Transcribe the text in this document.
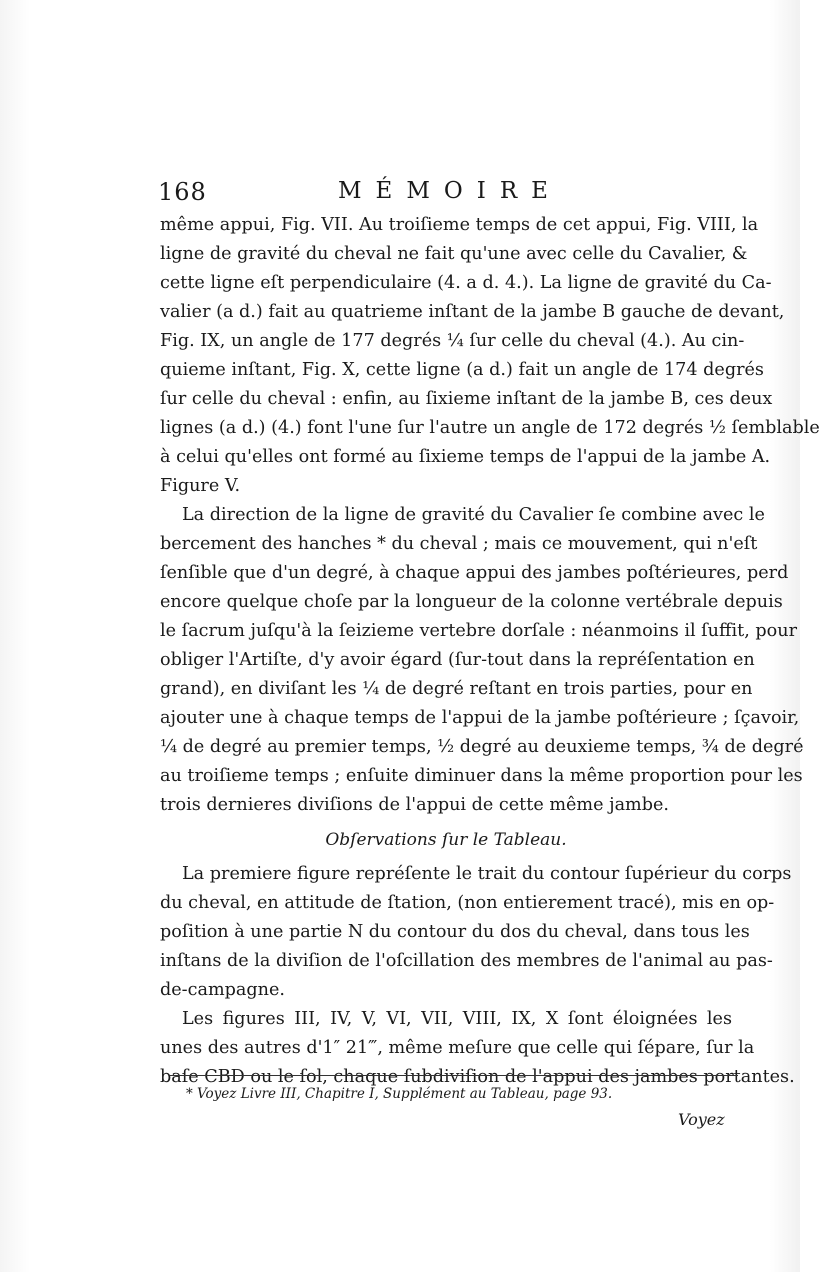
168	MÉMOIRE
même appui, Fig. VII. Au troiſieme temps de cet appui, Fig. VIII, la
ligne de gravité du cheval ne fait qu'une avec celle du Cavalier, &
cette ligne eſt perpendiculaire (4. a d. 4.). La ligne de gravité du Ca-
valier (a d.) fait au quatrieme inſtant de la jambe B gauche de devant,
Fig. IX, un angle de 177 degrés ¼ ſur celle du cheval (4.). Au cin-
quieme inſtant, Fig. X, cette ligne (a d.) fait un angle de 174 degrés
ſur celle du cheval : enfin, au ſixieme inſtant de la jambe B, ces deux
lignes (a d.) (4.) font l'une ſur l'autre un angle de 172 degrés ½ ſemblable
à celui qu'elles ont formé au ſixieme temps de l'appui de la jambe A.
Figure V.
La direction de la ligne de gravité du Cavalier ſe combine avec le
bercement des hanches * du cheval ; mais ce mouvement, qui n'eſt
ſenſible que d'un degré, à chaque appui des jambes poſtérieures, perd
encore quelque choſe par la longueur de la colonne vertébrale depuis
le ſacrum juſqu'à la ſeizieme vertebre dorſale : néanmoins il ſuffit, pour
obliger l'Artiſte, d'y avoir égard (ſur-tout dans la repréſentation en
grand), en diviſant les ¼ de degré reſtant en trois parties, pour en
ajouter une à chaque temps de l'appui de la jambe poſtérieure ; ſçavoir,
¼ de degré au premier temps, ½ degré au deuxieme temps, ¾ de degré
au troiſieme temps ; enſuite diminuer dans la même proportion pour les
trois dernieres diviſions de l'appui de cette même jambe.
Obſervations ſur le Tableau.
La premiere figure repréſente le trait du contour ſupérieur du corps
du cheval, en attitude de ſtation, (non entierement tracé), mis en op-
poſition à une partie N du contour du dos du cheval, dans tous les
inſtans de la diviſion de l'oſcillation des membres de l'animal au pas-
de-campagne.
Les figures III, IV, V, VI, VII, VIII, IX, X ſont éloignées les
unes des autres d'1″ 21‴, même meſure que celle qui ſépare, ſur la
baſe CBD ou le ſol, chaque ſubdiviſion de l'appui des jambes portantes.
* Voyez Livre III, Chapitre I, Supplément au Tableau, page 93.
Voyez
